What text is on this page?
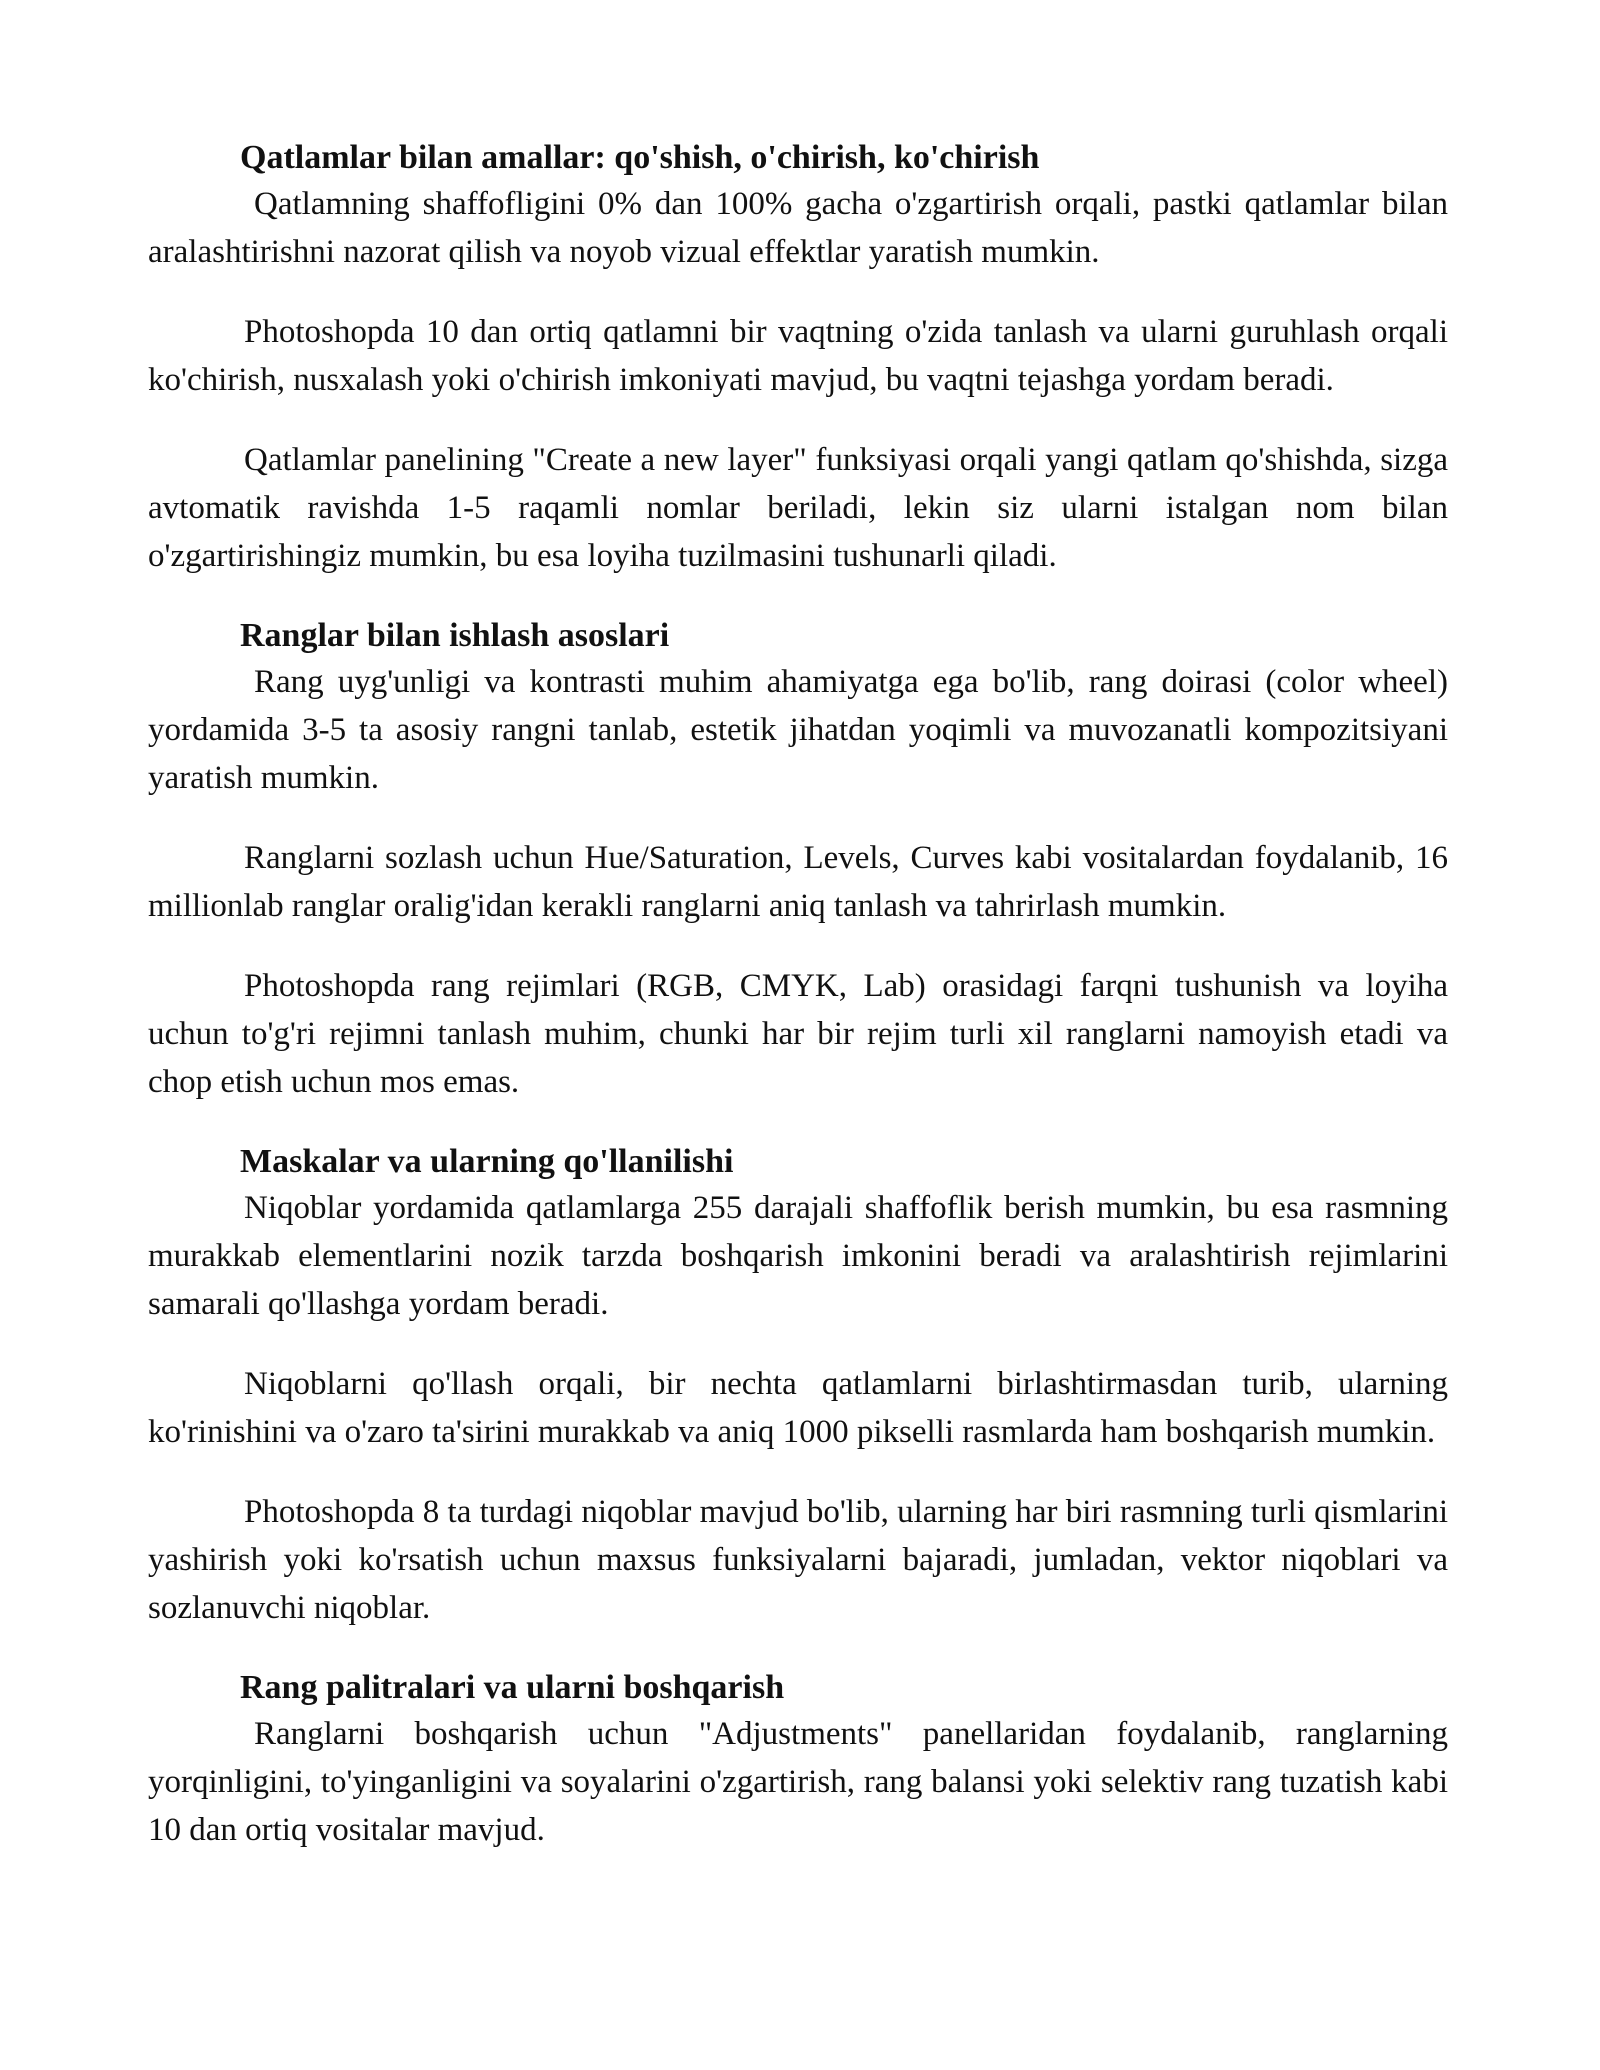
Qatlamlar bilan amallar: qo'shish, o'chirish, ko'chirish

Qatlamning shaffofligini 0% dan 100% gacha o'zgartirish orqali, pastki qatlamlar bilan aralashtirishni nazorat qilish va noyob vizual effektlar yaratish mumkin.

Photoshopda 10 dan ortiq qatlamni bir vaqtning o'zida tanlash va ularni guruhlash orqali ko'chirish, nusxalash yoki o'chirish imkoniyati mavjud, bu vaqtni tejashga yordam beradi.

Qatlamlar panelining "Create a new layer" funksiyasi orqali yangi qatlam qo'shishda, sizga avtomatik ravishda 1-5 raqamli nomlar beriladi, lekin siz ularni istalgan nom bilan o'zgartirishingiz mumkin, bu esa loyiha tuzilmasini tushunarli qiladi.

Ranglar bilan ishlash asoslari

Rang uyg'unligi va kontrasti muhim ahamiyatga ega bo'lib, rang doirasi (color wheel) yordamida 3-5 ta asosiy rangni tanlab, estetik jihatdan yoqimli va muvozanatli kompozitsiyani yaratish mumkin.

Ranglarni sozlash uchun Hue/Saturation, Levels, Curves kabi vositalardan foydalanib, 16 millionlab ranglar oralig'idan kerakli ranglarni aniq tanlash va tahrirlash mumkin.

Photoshopda rang rejimlari (RGB, CMYK, Lab) orasidagi farqni tushunish va loyiha uchun to'g'ri rejimni tanlash muhim, chunki har bir rejim turli xil ranglarni namoyish etadi va chop etish uchun mos emas.

Maskalar va ularning qo'llanilishi

Niqoblar yordamida qatlamlarga 255 darajali shaffoflik berish mumkin, bu esa rasmning murakkab elementlarini nozik tarzda boshqarish imkonini beradi va aralashtirish rejimlarini samarali qo'llashga yordam beradi.

Niqoblarni qo'llash orqali, bir nechta qatlamlarni birlashtirmasdan turib, ularning ko'rinishini va o'zaro ta'sirini murakkab va aniq 1000 pikselli rasmlarda ham boshqarish mumkin.

Photoshopda 8 ta turdagi niqoblar mavjud bo'lib, ularning har biri rasmning turli qismlarini yashirish yoki ko'rsatish uchun maxsus funksiyalarni bajaradi, jumladan, vektor niqoblari va sozlanuvchi niqoblar.

Rang palitralari va ularni boshqarish

Ranglarni boshqarish uchun "Adjustments" panellaridan foydalanib, ranglarning yorqinligini, to'yinganligini va soyalarini o'zgartirish, rang balansi yoki selektiv rang tuzatish kabi 10 dan ortiq vositalar mavjud.
